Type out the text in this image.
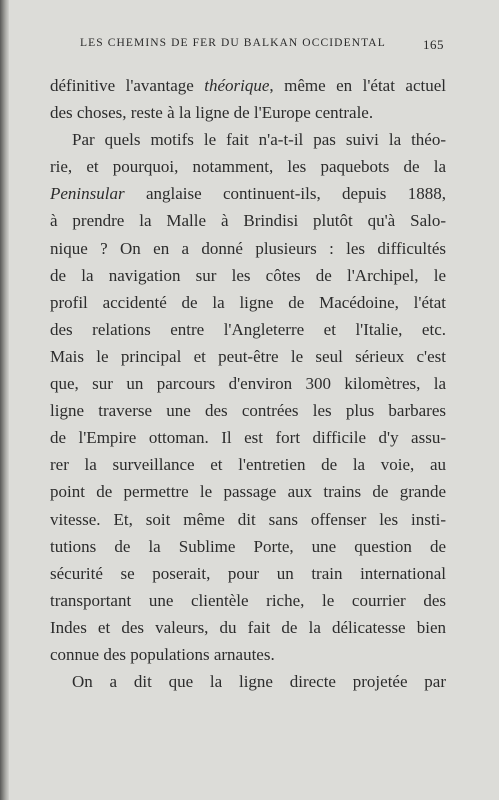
LES CHEMINS DE FER DU BALKAN OCCIDENTAL	165
définitive l'avantage théorique, même en l'état actuel
des choses, reste à la ligne de l'Europe centrale.
Par quels motifs le fait n'a-t-il pas suivi la théo-
rie, et pourquoi, notamment, les paquebots de la
Peninsular anglaise continuent-ils, depuis 1888,
à prendre la Malle à Brindisi plutôt qu'à Salo-
nique ? On en a donné plusieurs : les difficultés
de la navigation sur les côtes de l'Archipel, le
profil accidenté de la ligne de Macédoine, l'état
des relations entre l'Angleterre et l'Italie, etc.
Mais le principal et peut-être le seul sérieux c'est
que, sur un parcours d'environ 300 kilomètres, la
ligne traverse une des contrées les plus barbares
de l'Empire ottoman. Il est fort difficile d'y assu-
rer la surveillance et l'entretien de la voie, au
point de permettre le passage aux trains de grande
vitesse. Et, soit même dit sans offenser les insti-
tutions de la Sublime Porte, une question de
sécurité se poserait, pour un train international
transportant une clientèle riche, le courrier des
Indes et des valeurs, du fait de la délicatesse bien
connue des populations arnautes.
On a dit que la ligne directe projetée par
